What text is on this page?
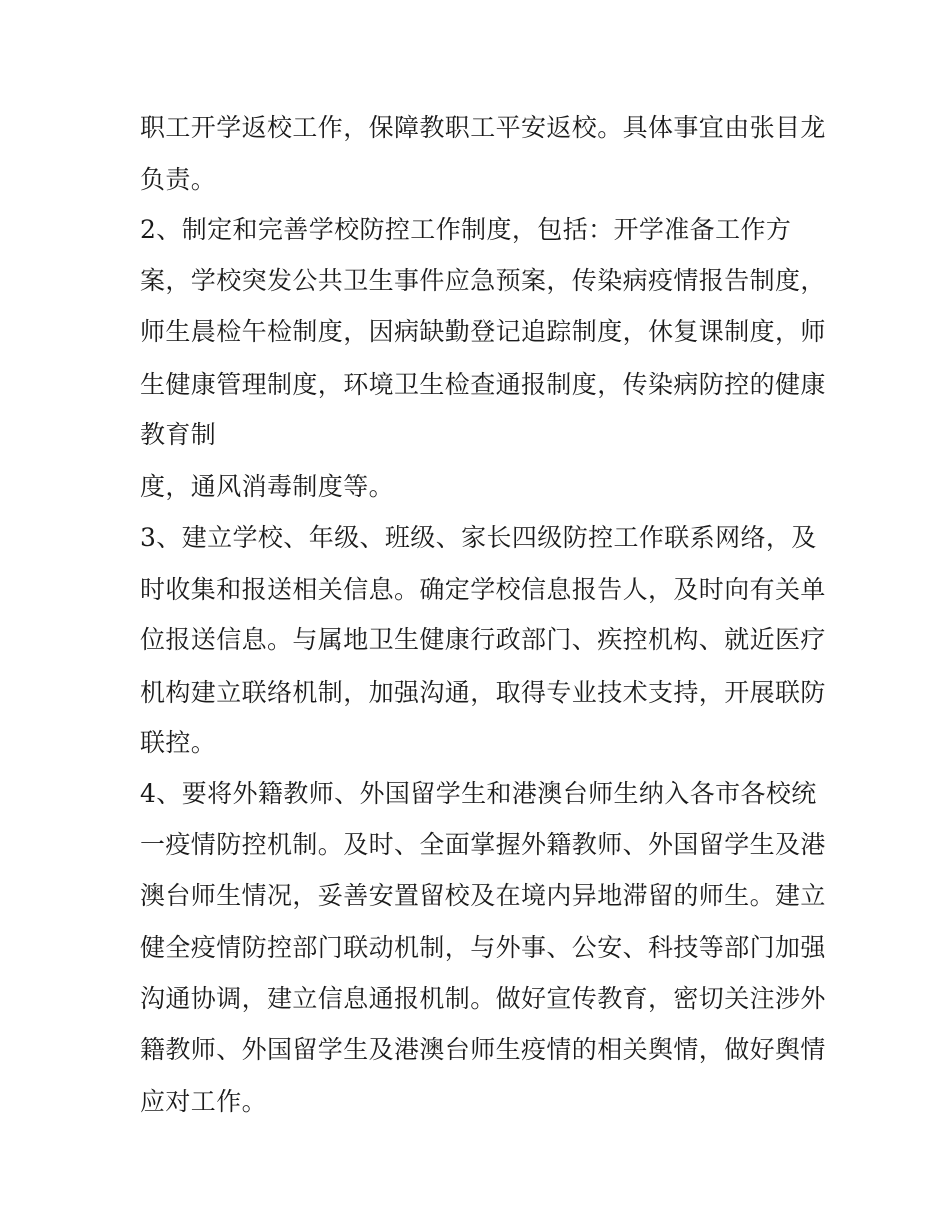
职工开学返校工作，保障教职工平安返校。具体事宜由张目龙
负责。
2、制定和完善学校防控工作制度，包括：开学准备工作方
案，学校突发公共卫生事件应急预案，传染病疫情报告制度，
师生晨检午检制度，因病缺勤登记追踪制度，休复课制度，师
生健康管理制度，环境卫生检查通报制度，传染病防控的健康
教育制
度，通风消毒制度等。
3、建立学校、年级、班级、家长四级防控工作联系网络，及
时收集和报送相关信息。确定学校信息报告人，及时向有关单
位报送信息。与属地卫生健康行政部门、疾控机构、就近医疗
机构建立联络机制，加强沟通，取得专业技术支持，开展联防
联控。
4、要将外籍教师、外国留学生和港澳台师生纳入各市各校统
一疫情防控机制。及时、全面掌握外籍教师、外国留学生及港
澳台师生情况，妥善安置留校及在境内异地滞留的师生。建立
健全疫情防控部门联动机制，与外事、公安、科技等部门加强
沟通协调，建立信息通报机制。做好宣传教育，密切关注涉外
籍教师、外国留学生及港澳台师生疫情的相关舆情，做好舆情
应对工作。
